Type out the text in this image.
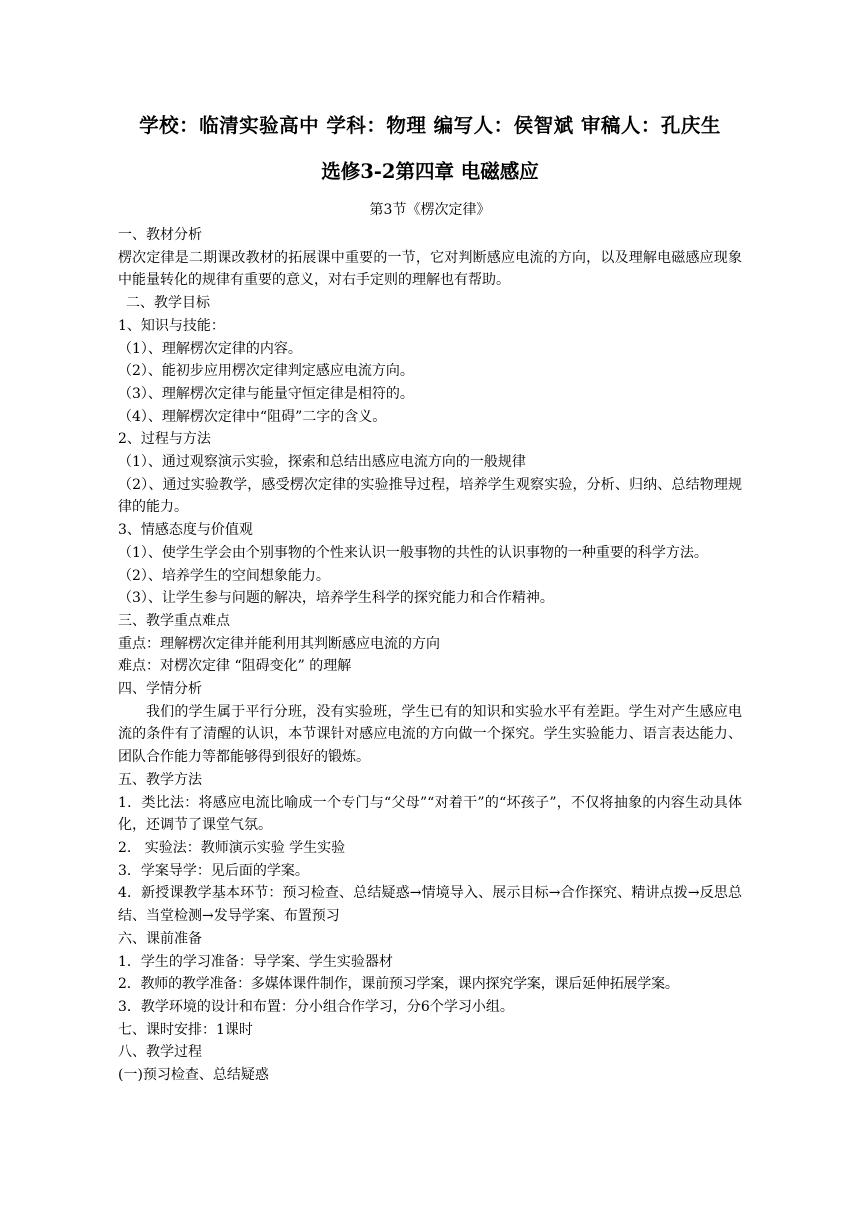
学校：临清实验高中 学科：物理 编写人：侯智斌 审稿人：孔庆生
选修3-2第四章 电磁感应
第3节《楞次定律》
一、教材分析
楞次定律是二期课改教材的拓展课中重要的一节，它对判断感应电流的方向，以及理解电磁感应现象中能量转化的规律有重要的意义，对右手定则的理解也有帮助。
二、教学目标
1、知识与技能：
（1）、理解楞次定律的内容。
（2）、能初步应用楞次定律判定感应电流方向。
（3）、理解楞次定律与能量守恒定律是相符的。
（4）、理解楞次定律中“阻碍”二字的含义。
2、过程与方法
（1）、通过观察演示实验，探索和总结出感应电流方向的一般规律
（2）、通过实验教学，感受楞次定律的实验推导过程，培养学生观察实验，分析、归纳、总结物理规律的能力。
3、情感态度与价值观
（1）、使学生学会由个别事物的个性来认识一般事物的共性的认识事物的一种重要的科学方法。
（2）、培养学生的空间想象能力。
（3）、让学生参与问题的解决，培养学生科学的探究能力和合作精神。
三、教学重点难点
重点：理解楞次定律并能利用其判断感应电流的方向
难点：对楞次定律 “阻碍变化” 的理解
四、学情分析
我们的学生属于平行分班，没有实验班，学生已有的知识和实验水平有差距。学生对产生感应电流的条件有了清醒的认识，本节课针对感应电流的方向做一个探究。学生实验能力、语言表达能力、团队合作能力等都能够得到很好的锻炼。
五、教学方法
1．类比法：将感应电流比喻成一个专门与“父母”“对着干”的“坏孩子”，不仅将抽象的内容生动具体化，还调节了课堂气氛。
2.   实验法：教师演示实验 学生实验
3．学案导学：见后面的学案。
4．新授课教学基本环节：预习检查、总结疑惑→情境导入、展示目标→合作探究、精讲点拨→反思总结、当堂检测→发导学案、布置预习
六、课前准备
1．学生的学习准备：导学案、学生实验器材
2．教师的教学准备：多媒体课件制作，课前预习学案，课内探究学案，课后延伸拓展学案。
3．教学环境的设计和布置：分小组合作学习，分6个学习小组。
七、课时安排：1课时
八、教学过程
(一)预习检查、总结疑惑
